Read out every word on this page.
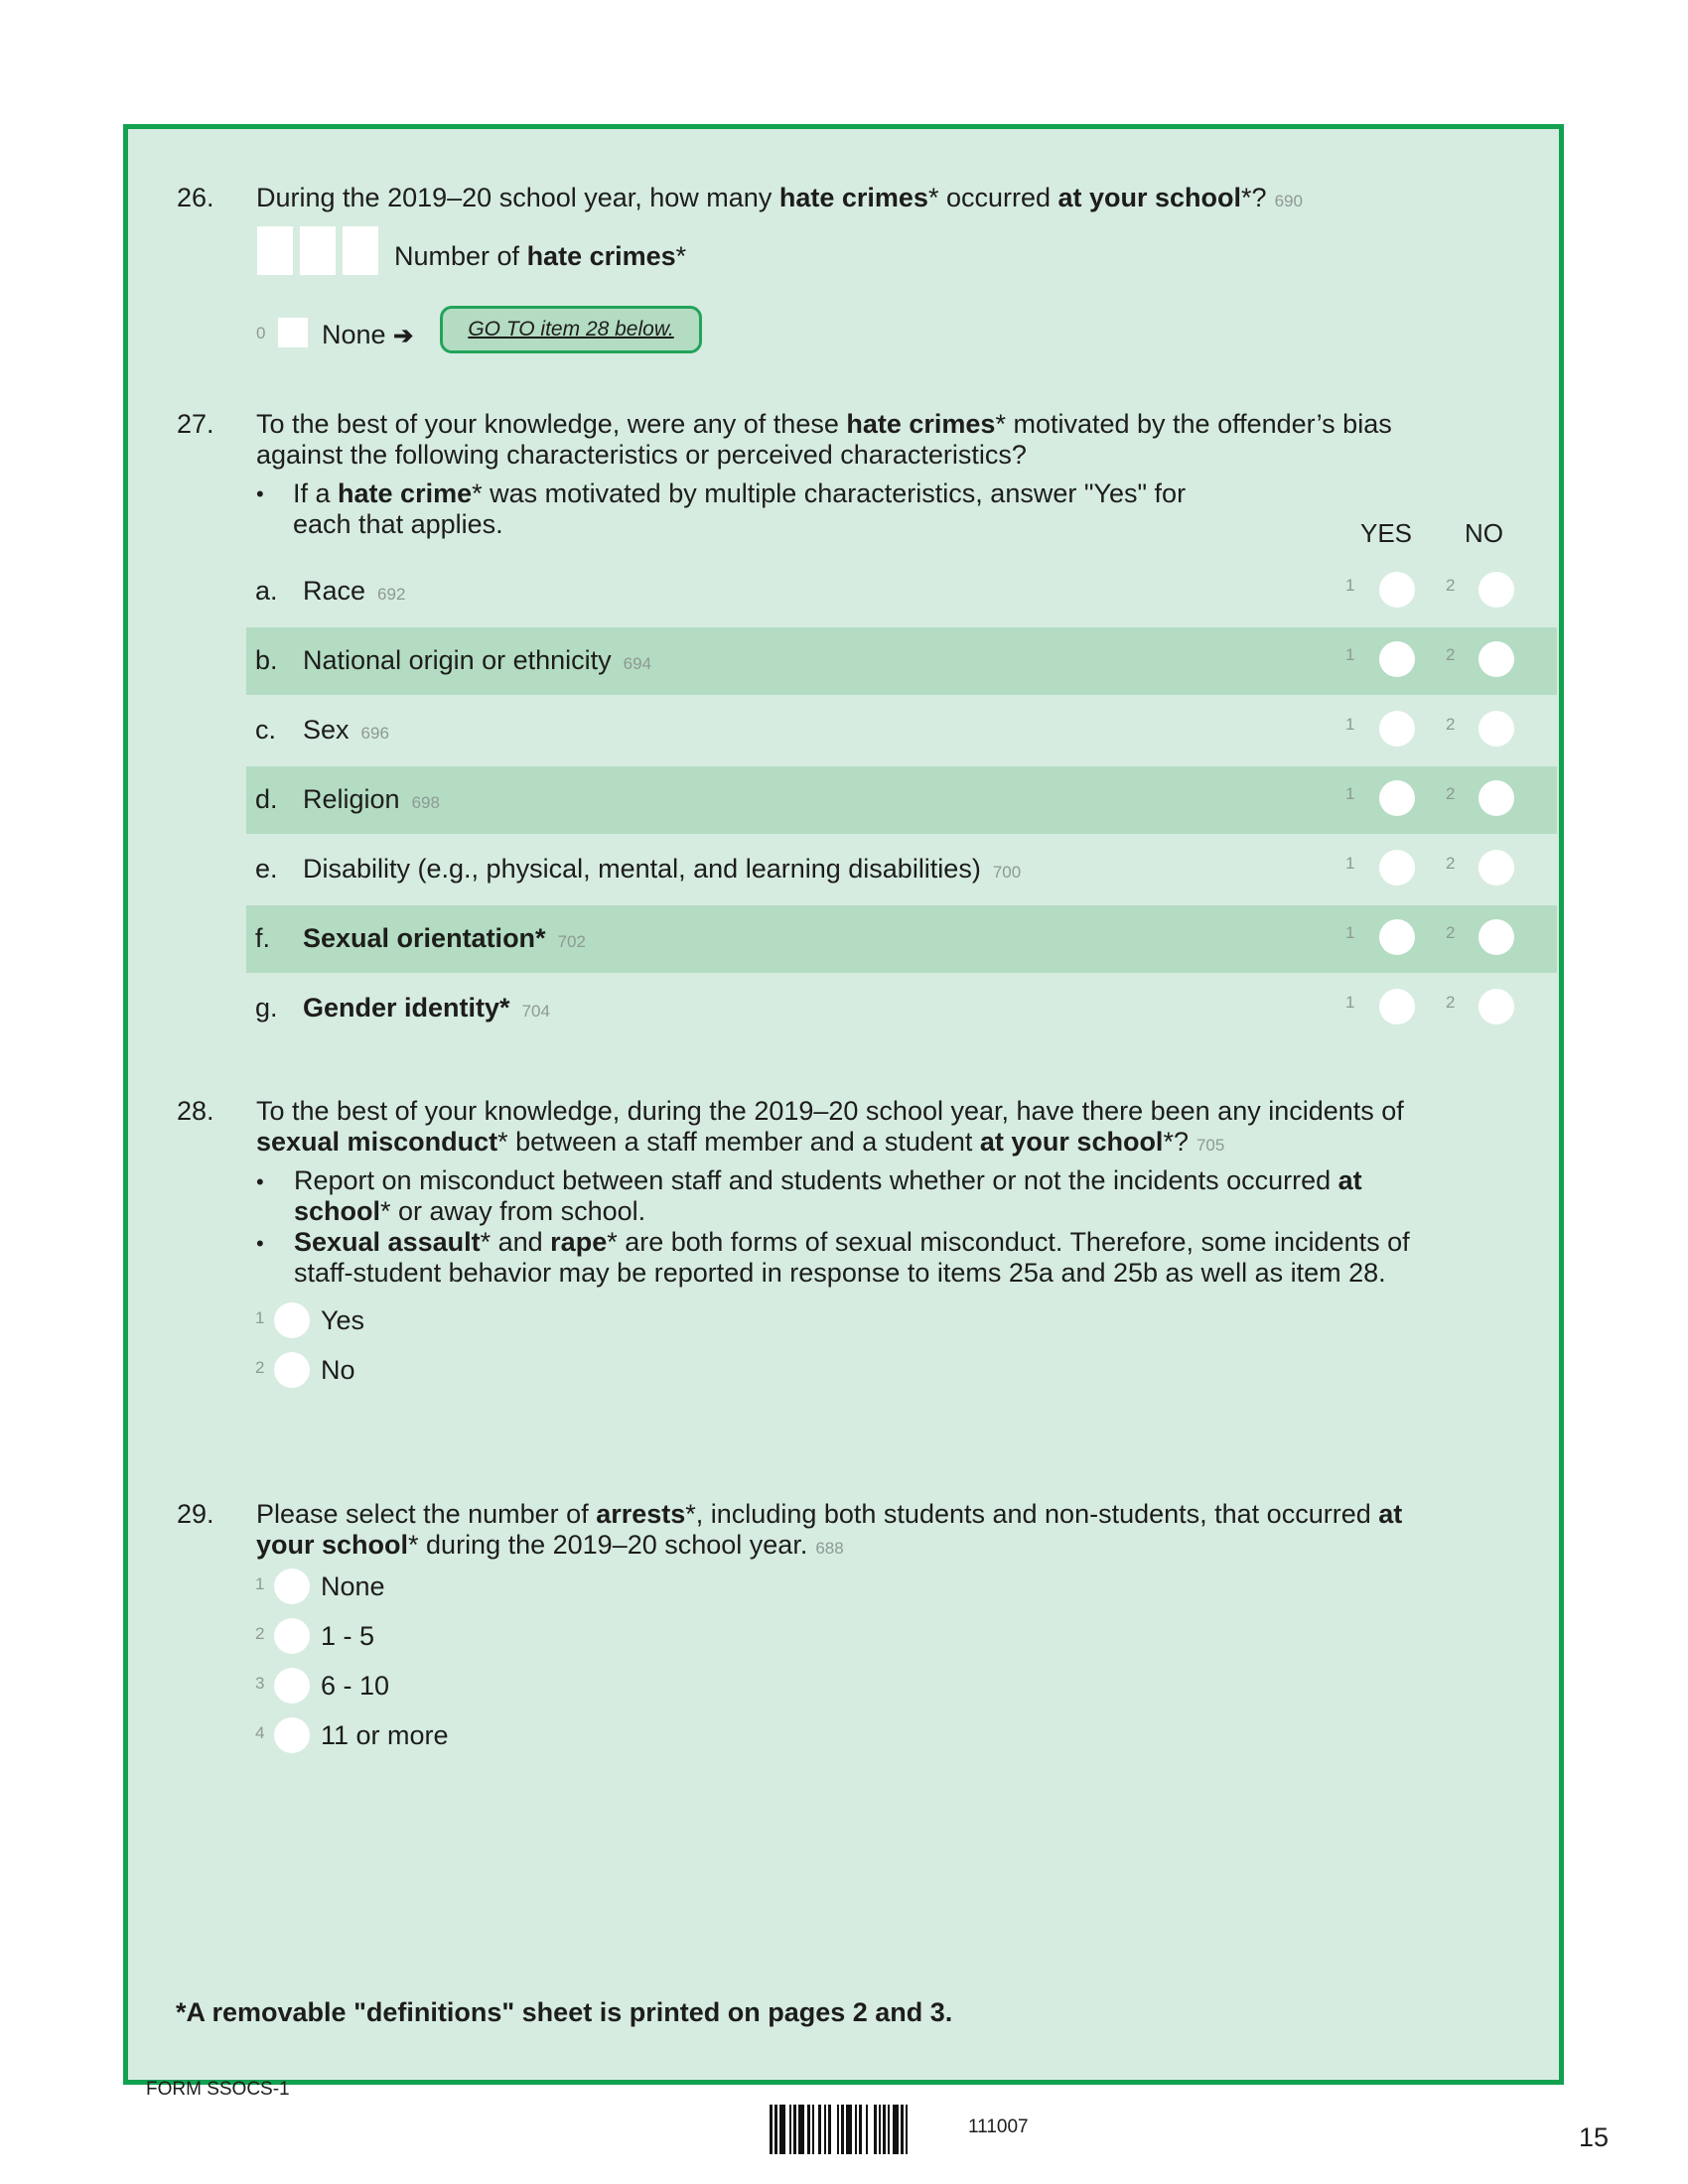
26. During the 2019–20 school year, how many hate crimes* occurred at your school*? 690
Number of hate crimes*
0 None ➔	GO TO item 28 below.
27. To the best of your knowledge, were any of these hate crimes* motivated by the offender’s bias
against the following characteristics or perceived characteristics?
• If a hate crime* was motivated by multiple characteristics, answer "Yes" for
each that applies.	YES NO
a. Race 692	1	2
b. National origin or ethnicity 694	1	2
c. Sex 696	1	2
d. Religion 698	1	2
e. Disability (e.g., physical, mental, and learning disabilities) 700	1	2
f. Sexual orientation* 702	1	2
g. Gender identity* 704	1	2
28. To the best of your knowledge, during the 2019–20 school year, have there been any incidents of
sexual misconduct* between a staff member and a student at your school*? 705
• Report on misconduct between staff and students whether or not the incidents occurred at
school* or away from school.
• Sexual assault* and rape* are both forms of sexual misconduct. Therefore, some incidents of
staff-student behavior may be reported in response to items 25a and 25b as well as item 28.
1 Yes
2 No
29. Please select the number of arrests*, including both students and non-students, that occurred at
your school* during the 2019–20 school year. 688
1 None
2 1 - 5
3 6 - 10
4 11 or more
*A removable "definitions" sheet is printed on pages 2 and 3.
FORM SSOCS-1
111007	15
